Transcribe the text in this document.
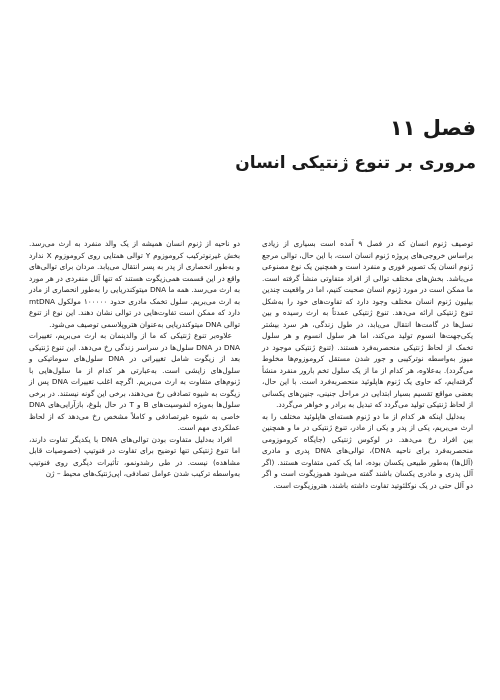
فصل ۱۱
مروری بر تنوع ژنتیکی انسان

توصیف ژنوم انسان که در فصل ۹ آمده است بسیاری از زیادی براساس خروجی‌های پروژه ژنوم انسان است، با این حال، توالی مرجع ژنوم انسان یک تصویر فوری و منفرد است و همچنین یک نوع مصنوعی می‌باشد. بخش‌های مختلف توالی از افراد متفاوتی منشأ گرفته است. ما ممکن است در مورد ژنوم انسان صحبت کنیم، اما در واقعیت چندین بیلیون ژنوم انسان مختلف وجود دارد که تفاوت‌های خود را به‌شکل تنوع ژنتیکی ارائه می‌دهد. تنوع ژنتیکی عمدتاً به ارث رسیده و بین نسل‌ها در گامت‌ها انتقال می‌یابد، در طول زندگی، هر سرد بیشتر یکی‌جهت‌ها انسوم تولید می‌کند، اما هر سلول انسوم و هر سلول تخمک از لحاظ ژنتیکی منحصربه‌فرد هستند. (تنوع ژنتیکی موجود در میوز به‌واسطه نوترکیبی و جور شدن مستقل کروموزوم‌ها مخلوط می‌گردد). به‌علاوه، هر کدام از ما از یک سلول تخم بارور منفرد منشأ گرفته‌ایم، که حاوی یک ژنوم هاپلوئید منحصربه‌فرد است. با این حال، بعضی مواقع تقسیم بسیار ابتدایی در مراحل جنینی، جنین‌های یکسانی از لحاظ ژنتیکی تولید می‌گردد که تبدیل به برادر و خواهر می‌گردد.

به‌دلیل اینکه هر کدام از ما دو ژنوم هسته‌ای هاپلوئید مختلف را به ارث می‌بریم، یکی از پدر و یکی از مادر، تنوع ژنتیکی در ما و همچنین بین افراد رخ می‌دهد. در لوکوس ژنتیکی (جایگاه کروموزومی منحصربه‌فرد برای ناحیه DNA)، توالی‌های DNA پدری و مادری (آلل‌ها) به‌طور طبیعی یکسان بوده، اما یک کمی متفاوت هستند. (اگر آلل پدری و مادری یکسان باشند گفته می‌شود هموزیگوت است و اگر دو آلل حتی در یک نوکلئوتید تفاوت داشته باشند، هتروزیگوت است.

دو ناحیه از ژنوم انسان همیشه از یک والد منفرد به ارث می‌رسد. بخش غیرنوترکیب کروموزوم Y توالی همتایی روی کروموزوم X ندارد و به‌طور انحصاری از پدر به پسر انتقال می‌یابد. مردان برای توالی‌های واقع در این قسمت همی‌زیگوت هستند که تنها آلل منفردی در هر مورد به ارث می‌رسد. همه ما DNA میتوکندریایی را به‌طور انحصاری از مادر به ارث می‌بریم. سلول تخمک مادری حدود ۱۰۰۰۰۰ مولکول mtDNA دارد که ممکن است تفاوت‌هایی در توالی نشان دهند. این نوع از تنوع توالی DNA میتوکندریایی به‌عنوان هتروپلاسمی توصیف می‌شود.

علاوه‌بر تنوع ژنتیکی که ما از والدینمان به ارث می‌بریم، تغییرات DNA در DNA سلول‌ها در سراسر زندگی رخ می‌دهد. این تنوع ژنتیکی بعد از زیگوت شامل تغییراتی در DNA سلول‌های سوماتیکی و سلول‌های زایشی است. به‌عبارتی هر کدام از ما سلول‌هایی با ژنوم‌های متفاوت به ارث می‌بریم. اگرچه اغلب تغییرات DNA پس از زیگوت به شیوه تصادفی رخ می‌دهند، برخی این گونه نیستند. در برخی سلول‌ها به‌ویژه لنفوسیت‌های B و T در حال بلوغ، بازآرایی‌های DNA خاصی به شیوه غیرتصادفی و کاملاً مشخص رخ می‌دهد که از لحاظ عملکردی مهم است.

افراد به‌دلیل متفاوت بودن توالی‌های DNA با یکدیگر تفاوت دارند، اما تنوع ژنتیکی تنها توضیح برای تفاوت در فنوتیپ (خصوصیات قابل مشاهده) نیست. در طی رشدونمو، تأثیرات دیگری روی فنوتیپ به‌واسطه ترکیب شدن عوامل تصادفی، اپی‌ژنتیک‌های محیط – ژن
